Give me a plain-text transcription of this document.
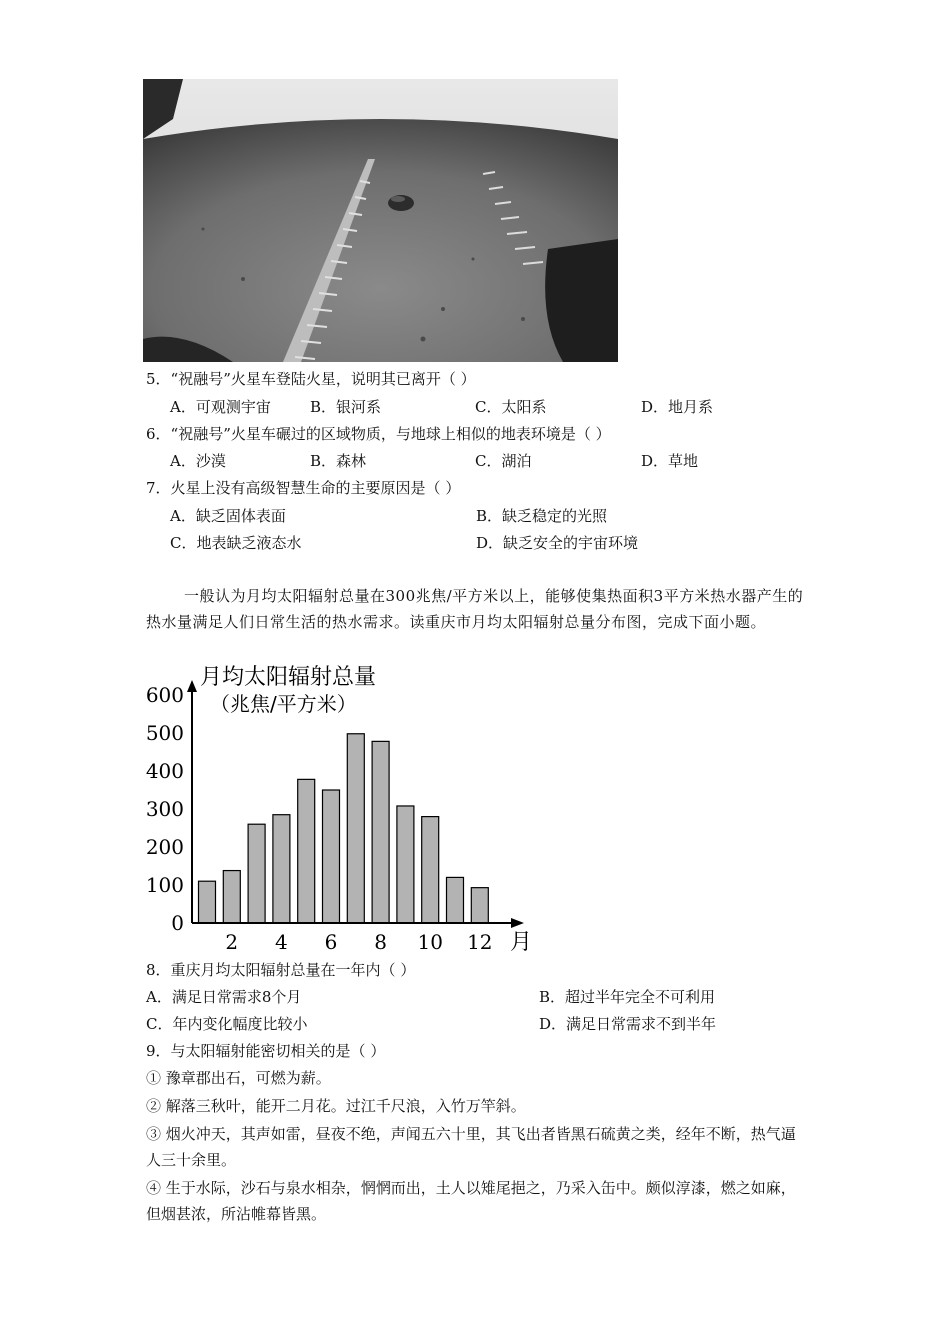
5．“祝融号”火星车登陆火星，说明其已离开（ ）
A．可观测宇宙	B．银河系	C．太阳系	D．地月系
6．“祝融号”火星车碾过的区域物质，与地球上相似的地表环境是（ ）
A．沙漠	B．森林	C．湖泊	D．草地
7．火星上没有高级智慧生命的主要原因是（ ）
A．缺乏固体表面	B．缺乏稳定的光照
C．地表缺乏液态水	D．缺乏安全的宇宙环境
一般认为月均太阳辐射总量在300兆焦/平方米以上，能够使集热面积3平方米热水器产生的热水量满足人们日常生活的热水需求。读重庆市月均太阳辐射总量分布图，完成下面小题。
月均太阳辐射总量
（兆焦/平方米）
0
100
200
300
400
500
600
2 4 6 8 10 12 月
8．重庆月均太阳辐射总量在一年内（ ）
A．满足日常需求8个月	B．超过半年完全不可利用
C．年内变化幅度比较小	D．满足日常需求不到半年
9．与太阳辐射能密切相关的是（ ）
① 豫章郡出石，可燃为薪。
② 解落三秋叶，能开二月花。过江千尺浪，入竹万竿斜。
③ 烟火冲天，其声如雷，昼夜不绝，声闻五六十里，其飞出者皆黑石硫黄之类，经年不断，热气逼人三十余里。
④ 生于水际，沙石与泉水相杂，惘惘而出，土人以雉尾挹之，乃采入缶中。颇似淳漆，燃之如麻，但烟甚浓，所沾帷幕皆黑。
